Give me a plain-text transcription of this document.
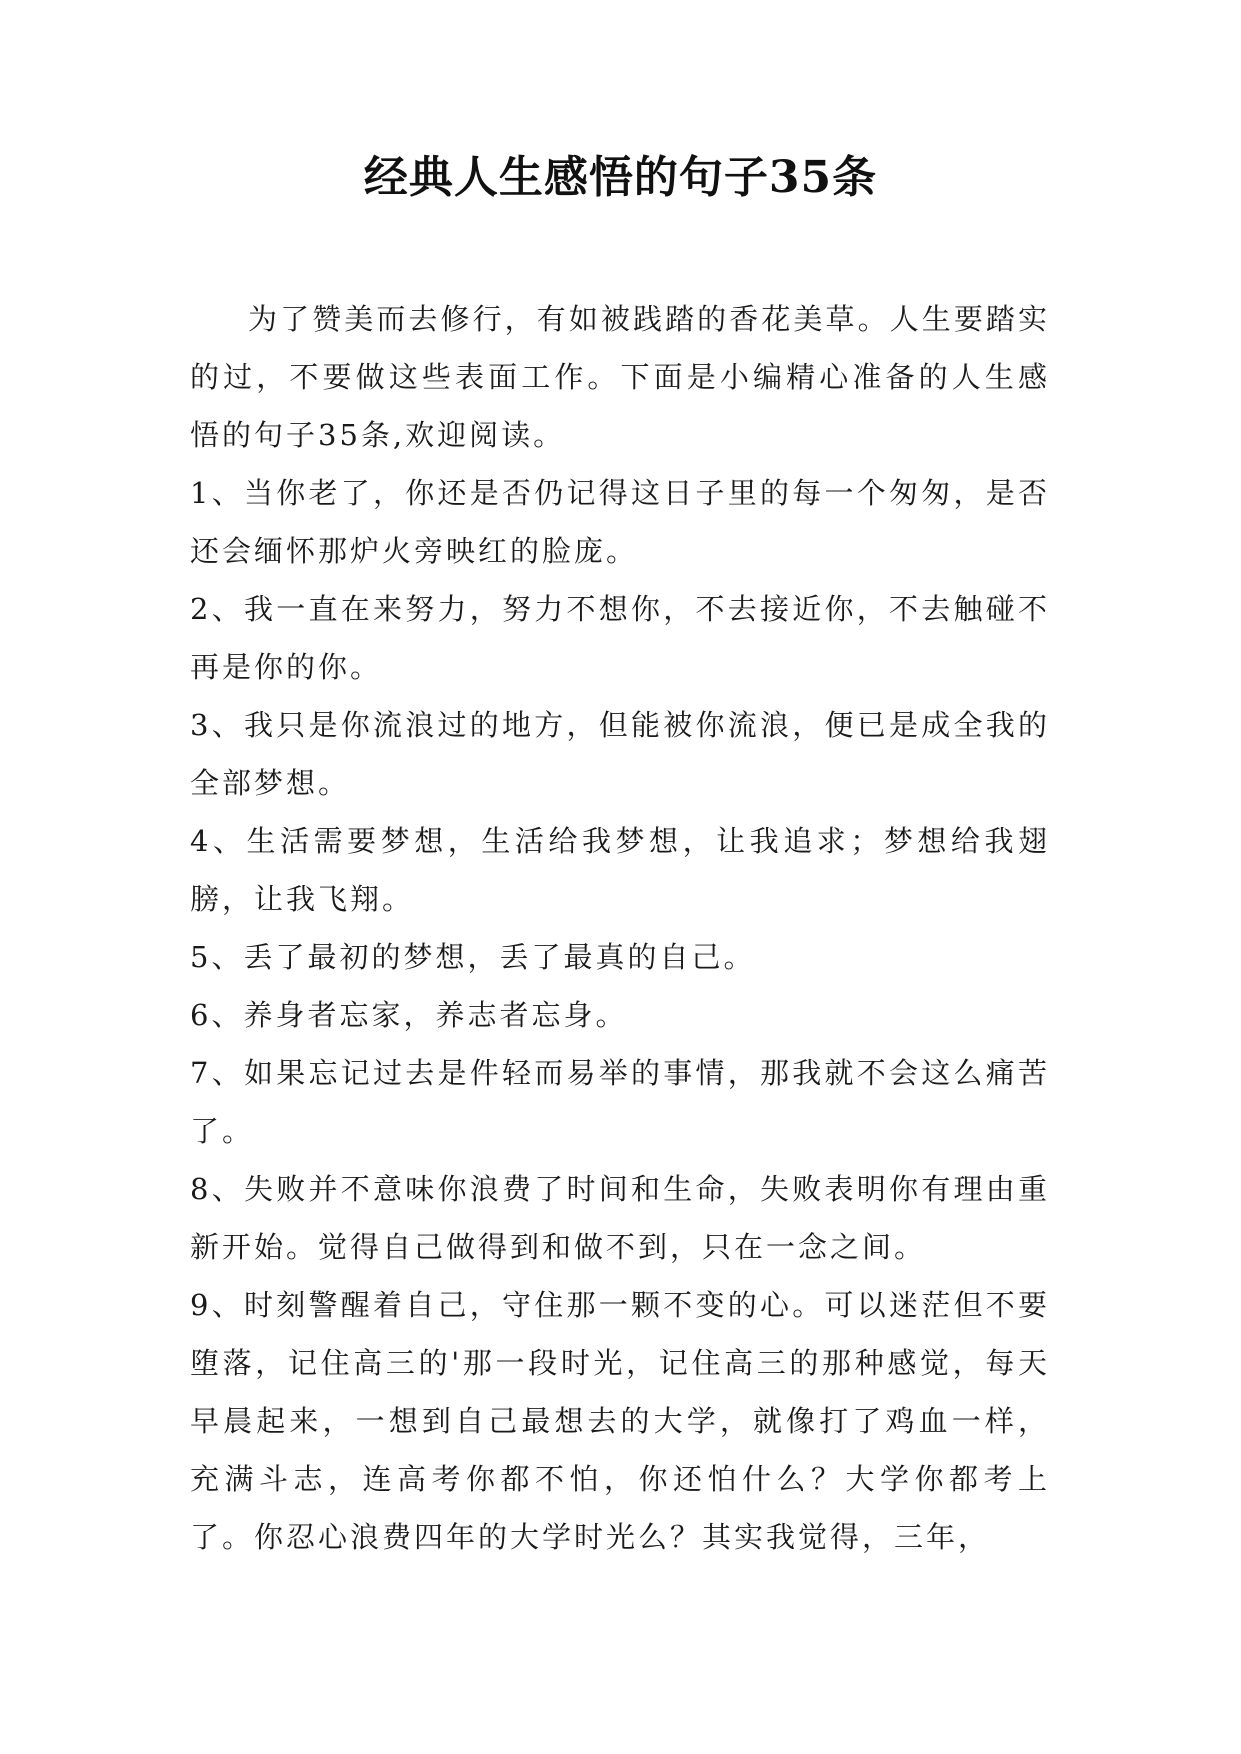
经典人生感悟的句子35条

为了赞美而去修行，有如被践踏的香花美草。人生要踏实的过，不要做这些表面工作。下面是小编精心准备的人生感悟的句子35条,欢迎阅读。

1、当你老了，你还是否仍记得这日子里的每一个匆匆，是否还会缅怀那炉火旁映红的脸庞。

2、我一直在来努力，努力不想你，不去接近你，不去触碰不再是你的你。

3、我只是你流浪过的地方，但能被你流浪，便已是成全我的全部梦想。

4、生活需要梦想，生活给我梦想，让我追求；梦想给我翅膀，让我飞翔。

5、丢了最初的梦想，丢了最真的自己。

6、养身者忘家，养志者忘身。

7、如果忘记过去是件轻而易举的事情，那我就不会这么痛苦了。

8、失败并不意味你浪费了时间和生命，失败表明你有理由重新开始。觉得自己做得到和做不到，只在一念之间。

9、时刻警醒着自己，守住那一颗不变的心。可以迷茫但不要堕落，记住高三的'那一段时光，记住高三的那种感觉，每天早晨起来，一想到自己最想去的大学，就像打了鸡血一样，充满斗志，连高考你都不怕，你还怕什么？大学你都考上了。你忍心浪费四年的大学时光么？其实我觉得，三年，
